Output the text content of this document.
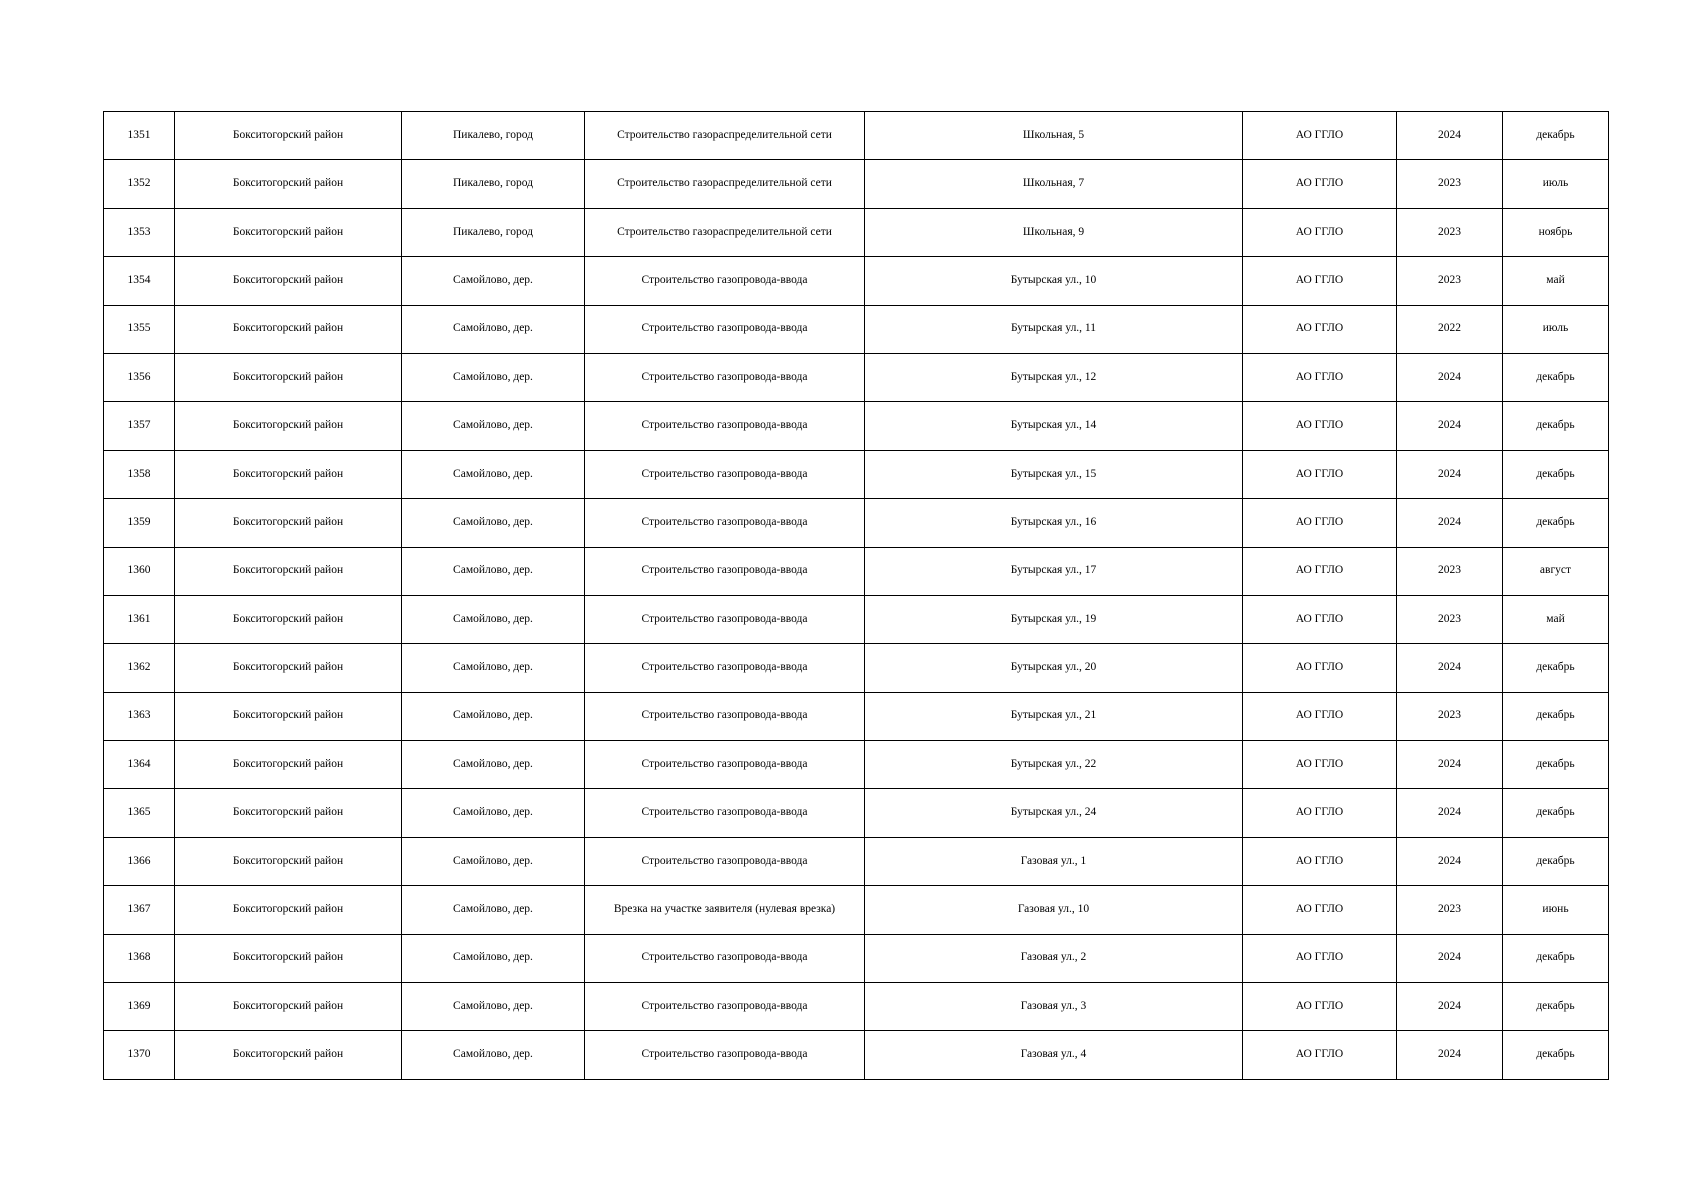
1351	Бокситогорский район	Пикалево, город	Строительство газораспределительной сети	Школьная, 5	АО ГГЛО	2024	декабрь
1352	Бокситогорский район	Пикалево, город	Строительство газораспределительной сети	Школьная, 7	АО ГГЛО	2023	июль
1353	Бокситогорский район	Пикалево, город	Строительство газораспределительной сети	Школьная, 9	АО ГГЛО	2023	ноябрь
1354	Бокситогорский район	Самойлово, дер.	Строительство газопровода-ввода	Бутырская ул., 10	АО ГГЛО	2023	май
1355	Бокситогорский район	Самойлово, дер.	Строительство газопровода-ввода	Бутырская ул., 11	АО ГГЛО	2022	июль
1356	Бокситогорский район	Самойлово, дер.	Строительство газопровода-ввода	Бутырская ул., 12	АО ГГЛО	2024	декабрь
1357	Бокситогорский район	Самойлово, дер.	Строительство газопровода-ввода	Бутырская ул., 14	АО ГГЛО	2024	декабрь
1358	Бокситогорский район	Самойлово, дер.	Строительство газопровода-ввода	Бутырская ул., 15	АО ГГЛО	2024	декабрь
1359	Бокситогорский район	Самойлово, дер.	Строительство газопровода-ввода	Бутырская ул., 16	АО ГГЛО	2024	декабрь
1360	Бокситогорский район	Самойлово, дер.	Строительство газопровода-ввода	Бутырская ул., 17	АО ГГЛО	2023	август
1361	Бокситогорский район	Самойлово, дер.	Строительство газопровода-ввода	Бутырская ул., 19	АО ГГЛО	2023	май
1362	Бокситогорский район	Самойлово, дер.	Строительство газопровода-ввода	Бутырская ул., 20	АО ГГЛО	2024	декабрь
1363	Бокситогорский район	Самойлово, дер.	Строительство газопровода-ввода	Бутырская ул., 21	АО ГГЛО	2023	декабрь
1364	Бокситогорский район	Самойлово, дер.	Строительство газопровода-ввода	Бутырская ул., 22	АО ГГЛО	2024	декабрь
1365	Бокситогорский район	Самойлово, дер.	Строительство газопровода-ввода	Бутырская ул., 24	АО ГГЛО	2024	декабрь
1366	Бокситогорский район	Самойлово, дер.	Строительство газопровода-ввода	Газовая ул., 1	АО ГГЛО	2024	декабрь
1367	Бокситогорский район	Самойлово, дер.	Врезка на участке заявителя (нулевая врезка)	Газовая ул., 10	АО ГГЛО	2023	июнь
1368	Бокситогорский район	Самойлово, дер.	Строительство газопровода-ввода	Газовая ул., 2	АО ГГЛО	2024	декабрь
1369	Бокситогорский район	Самойлово, дер.	Строительство газопровода-ввода	Газовая ул., 3	АО ГГЛО	2024	декабрь
1370	Бокситогорский район	Самойлово, дер.	Строительство газопровода-ввода	Газовая ул., 4	АО ГГЛО	2024	декабрь
